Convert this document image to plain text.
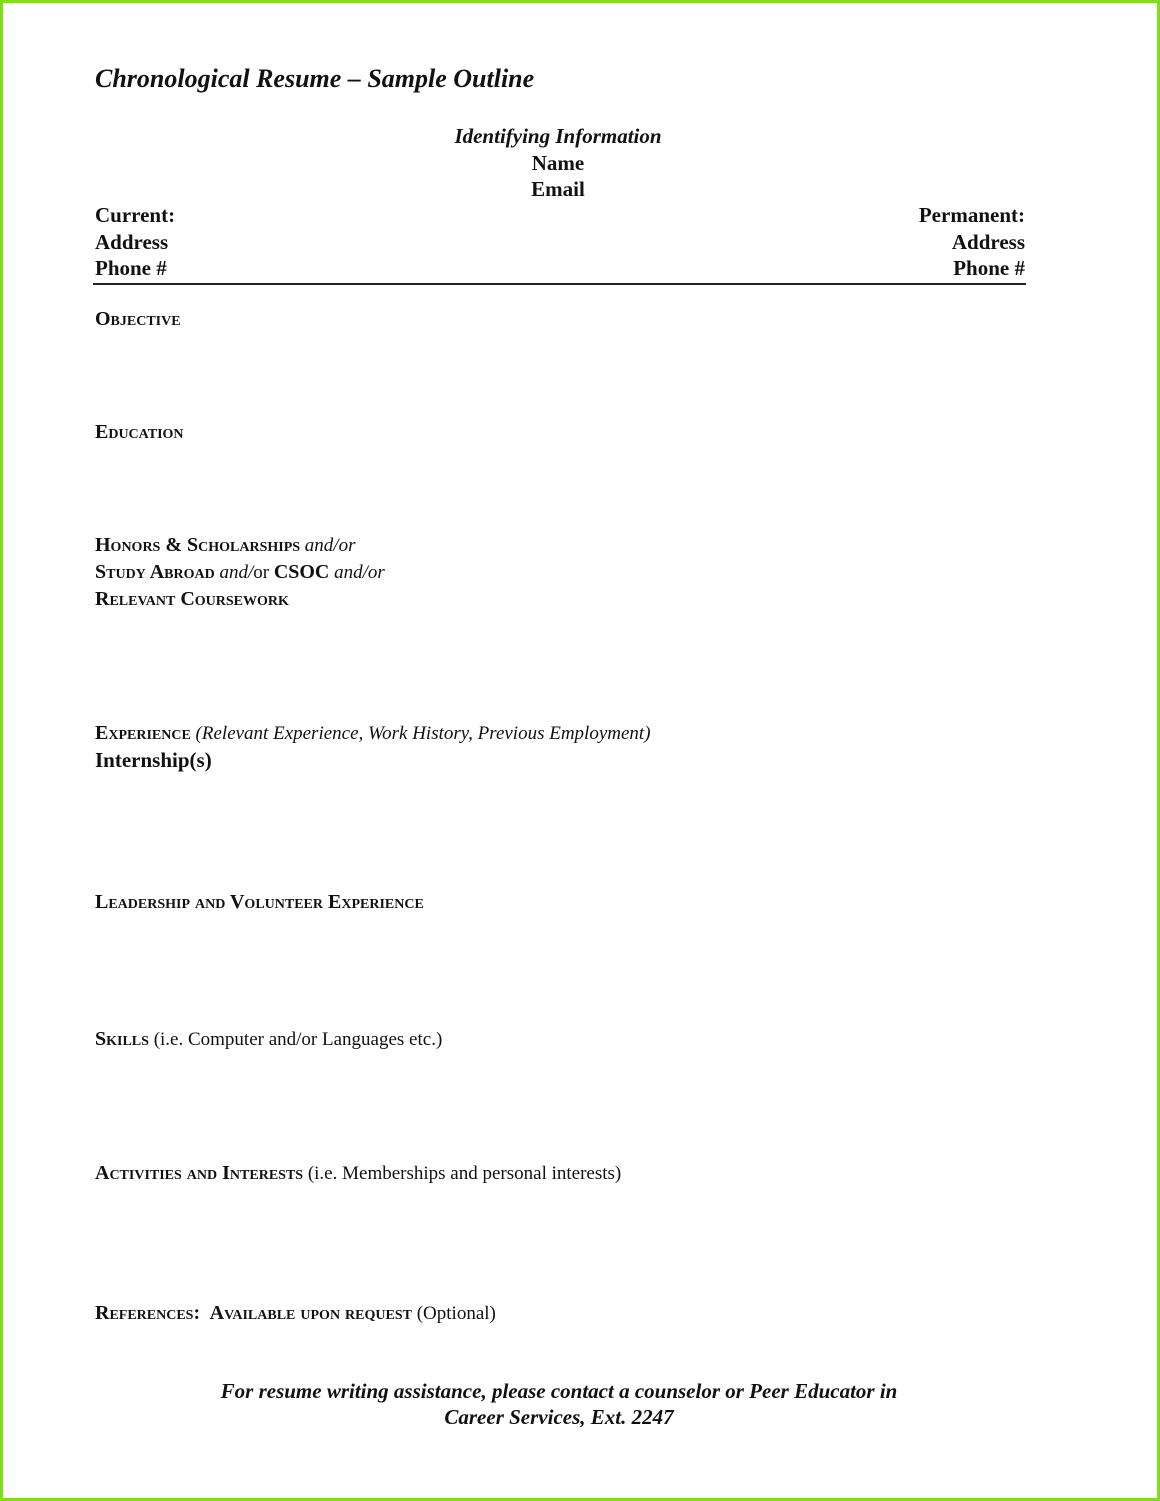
Chronological Resume – Sample Outline
Identifying Information
Name
Email
Current:
Address
Phone #
Permanent:
Address
Phone #
Objective
Education
Honors & Scholarships and/or
Study Abroad and/or CSOC and/or
Relevant Coursework
Experience (Relevant Experience, Work History, Previous Employment)
Internship(s)
Leadership and Volunteer Experience
Skills (i.e. Computer and/or Languages etc.)
Activities and Interests (i.e. Memberships and personal interests)
References: Available upon request (Optional)
For resume writing assistance, please contact a counselor or Peer Educator in
Career Services, Ext. 2247
